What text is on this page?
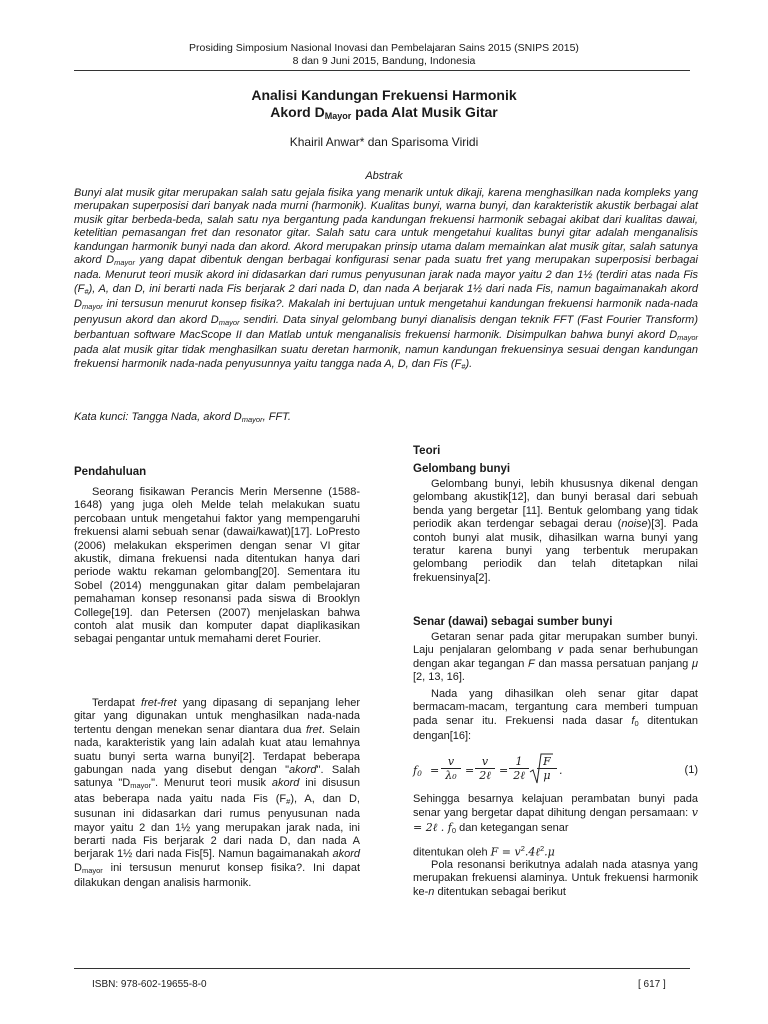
Prosiding Simposium Nasional Inovasi dan Pembelajaran Sains 2015 (SNIPS 2015)
8 dan 9 Juni 2015, Bandung, Indonesia
Analisi Kandungan Frekuensi Harmonik
Akord $D_{Mayor}$ pada Alat Musik Gitar
Khairil Anwar* dan Sparisoma Viridi
Abstrak

Bunyi alat musik gitar merupakan salah satu gejala fisika yang menarik untuk dikaji, karena menghasilkan nada kompleks yang merupakan superposisi dari banyak nada murni (harmonik). Kualitas bunyi, warna bunyi, dan karakteristik akustik berbagai alat musik gitar berbeda-beda, salah satu nya bergantung pada kandungan frekuensi harmonik sebagai akibat dari kualitas dawai, ketelitian pemasangan fret dan resonator gitar. Salah satu cara untuk mengetahui kualitas bunyi gitar adalah menganalisis kandungan harmonik bunyi nada dan akord. Akord merupakan prinsip utama dalam memainkan alat musik gitar, salah satunya akord $D_{mayor}$ yang dapat dibentuk dengan berbagai konfigurasi senar pada suatu fret yang merupakan superposisi berbagai nada. Menurut teori musik akord ini didasarkan dari rumus penyusunan jarak nada mayor yaitu 2 dan 1½ (terdiri atas nada Fis $(F_{\#})$, A, dan D, ini berarti nada Fis berjarak 2 dari nada D, dan nada A berjarak 1½ dari nada Fis, namun bagaimanakah akord $D_{mayor}$ ini tersusun menurut konsep fisika?. Makalah ini bertujuan untuk mengetahui kandungan frekuensi harmonik nada-nada penyusun akord dan akord $D_{mayor}$ sendiri. Data sinyal gelombang bunyi dianalisis dengan teknik FFT (Fast Fourier Transform) berbantuan software MacScope II dan Matlab untuk menganalisis frekuensi harmonik. Disimpulkan bahwa bunyi akord $D_{mayor}$ pada alat musik gitar tidak menghasilkan suatu deretan harmonik, namun kandungan frekuensinya sesuai dengan kandungan frekuensi harmonik nada-nada penyusunnya yaitu tangga nada A, D, dan Fis $(F_{\#})$.

Kata kunci: Tangga Nada, akord $D_{mayor}$, FFT.

Pendahuluan

Seorang fisikawan Perancis Merin Mersenne (1588-1648) yang juga oleh Melde telah melakukan suatu percobaan untuk mengetahui faktor yang mempengaruhi frekuensi alami sebuah senar (dawai/kawat)[17]. LoPresto (2006) melakukan eksperimen dengan senar VI gitar akustik, dimana frekuensi nada ditentukan hanya dari periode waktu rekaman gelombang[20]. Sementara itu Sobel (2014) menggunakan gitar dalam pembelajaran pemahaman konsep resonansi pada siswa di Brooklyn College[19]. dan Petersen (2007) menjelaskan bahwa contoh alat musik dan komputer dapat diaplikasikan sebagai pengantar untuk memahami deret Fourier.

Terdapat fret-fret yang dipasang di sepanjang leher gitar yang digunakan untuk menghasilkan nada-nada tertentu dengan menekan senar diantara dua fret. Selain nada, karakteristik yang lain adalah kuat atau lemahnya suatu bunyi serta warna bunyi[2]. Terdapat beberapa gabungan nada yang disebut dengan "akord". Salah satunya "$D_{mayor}$". Menurut teori musik akord ini disusun atas beberapa nada yaitu nada Fis $(F_{\#})$, A, dan D, susunan ini didasarkan dari rumus penyusunan nada mayor yaitu 2 dan 1½ yang merupakan jarak nada, ini berarti nada Fis berjarak 2 dari nada D, dan nada A berjarak 1½ dari nada Fis[5]. Namun bagaimanakah akord $D_{mayor}$ ini tersusun menurut konsep fisika?. Ini dapat dilakukan dengan analisis harmonik.

Teori
Gelombang bunyi

Gelombang bunyi, lebih khususnya dikenal dengan gelombang akustik[12], dan bunyi berasal dari sebuah benda yang bergetar [11]. Bentuk gelombang yang tidak periodik akan terdengar sebagai derau (noise)[3]. Pada contoh bunyi alat musik, dihasilkan warna bunyi yang teratur karena bunyi yang terbentuk merupakan gelombang periodik dan telah ditetapkan nilai frekuensinya[2].

Senar (dawai) sebagai sumber bunyi

Getaran senar pada gitar merupakan sumber bunyi. Laju penjalaran gelombang v pada senar berhubungan dengan akar tegangan F dan massa persatuan panjang μ [2, 13, 16].

Nada yang dihasilkan oleh senar gitar dapat bermacam-macam, tergantung cara memberi tumpuan pada senar itu. Frekuensi nada dasar $f_0$ ditentukan dengan[16]:

$f_0 = \frac{v}{\text{λ₀}}$ =
v
2ℓ =
1
2ℓ	$\frac{F}{\mu}$ .	(1)

Sehingga besarnya kelajuan perambatan bunyi pada senar yang bergetar dapat dihitung dengan persamaan: v = 2ℓ . $f_0$ dan ketegangan senar

ditentukan oleh $F = v^2.4\ell^2.\mu$

Pola resonansi berikutnya adalah nada atasnya yang merupakan frekuensi alaminya. Untuk frekuensi harmonik ke-n ditentukan sebagai berikut

ISBN: 978-602-19655-8-0	[ 617 ]
